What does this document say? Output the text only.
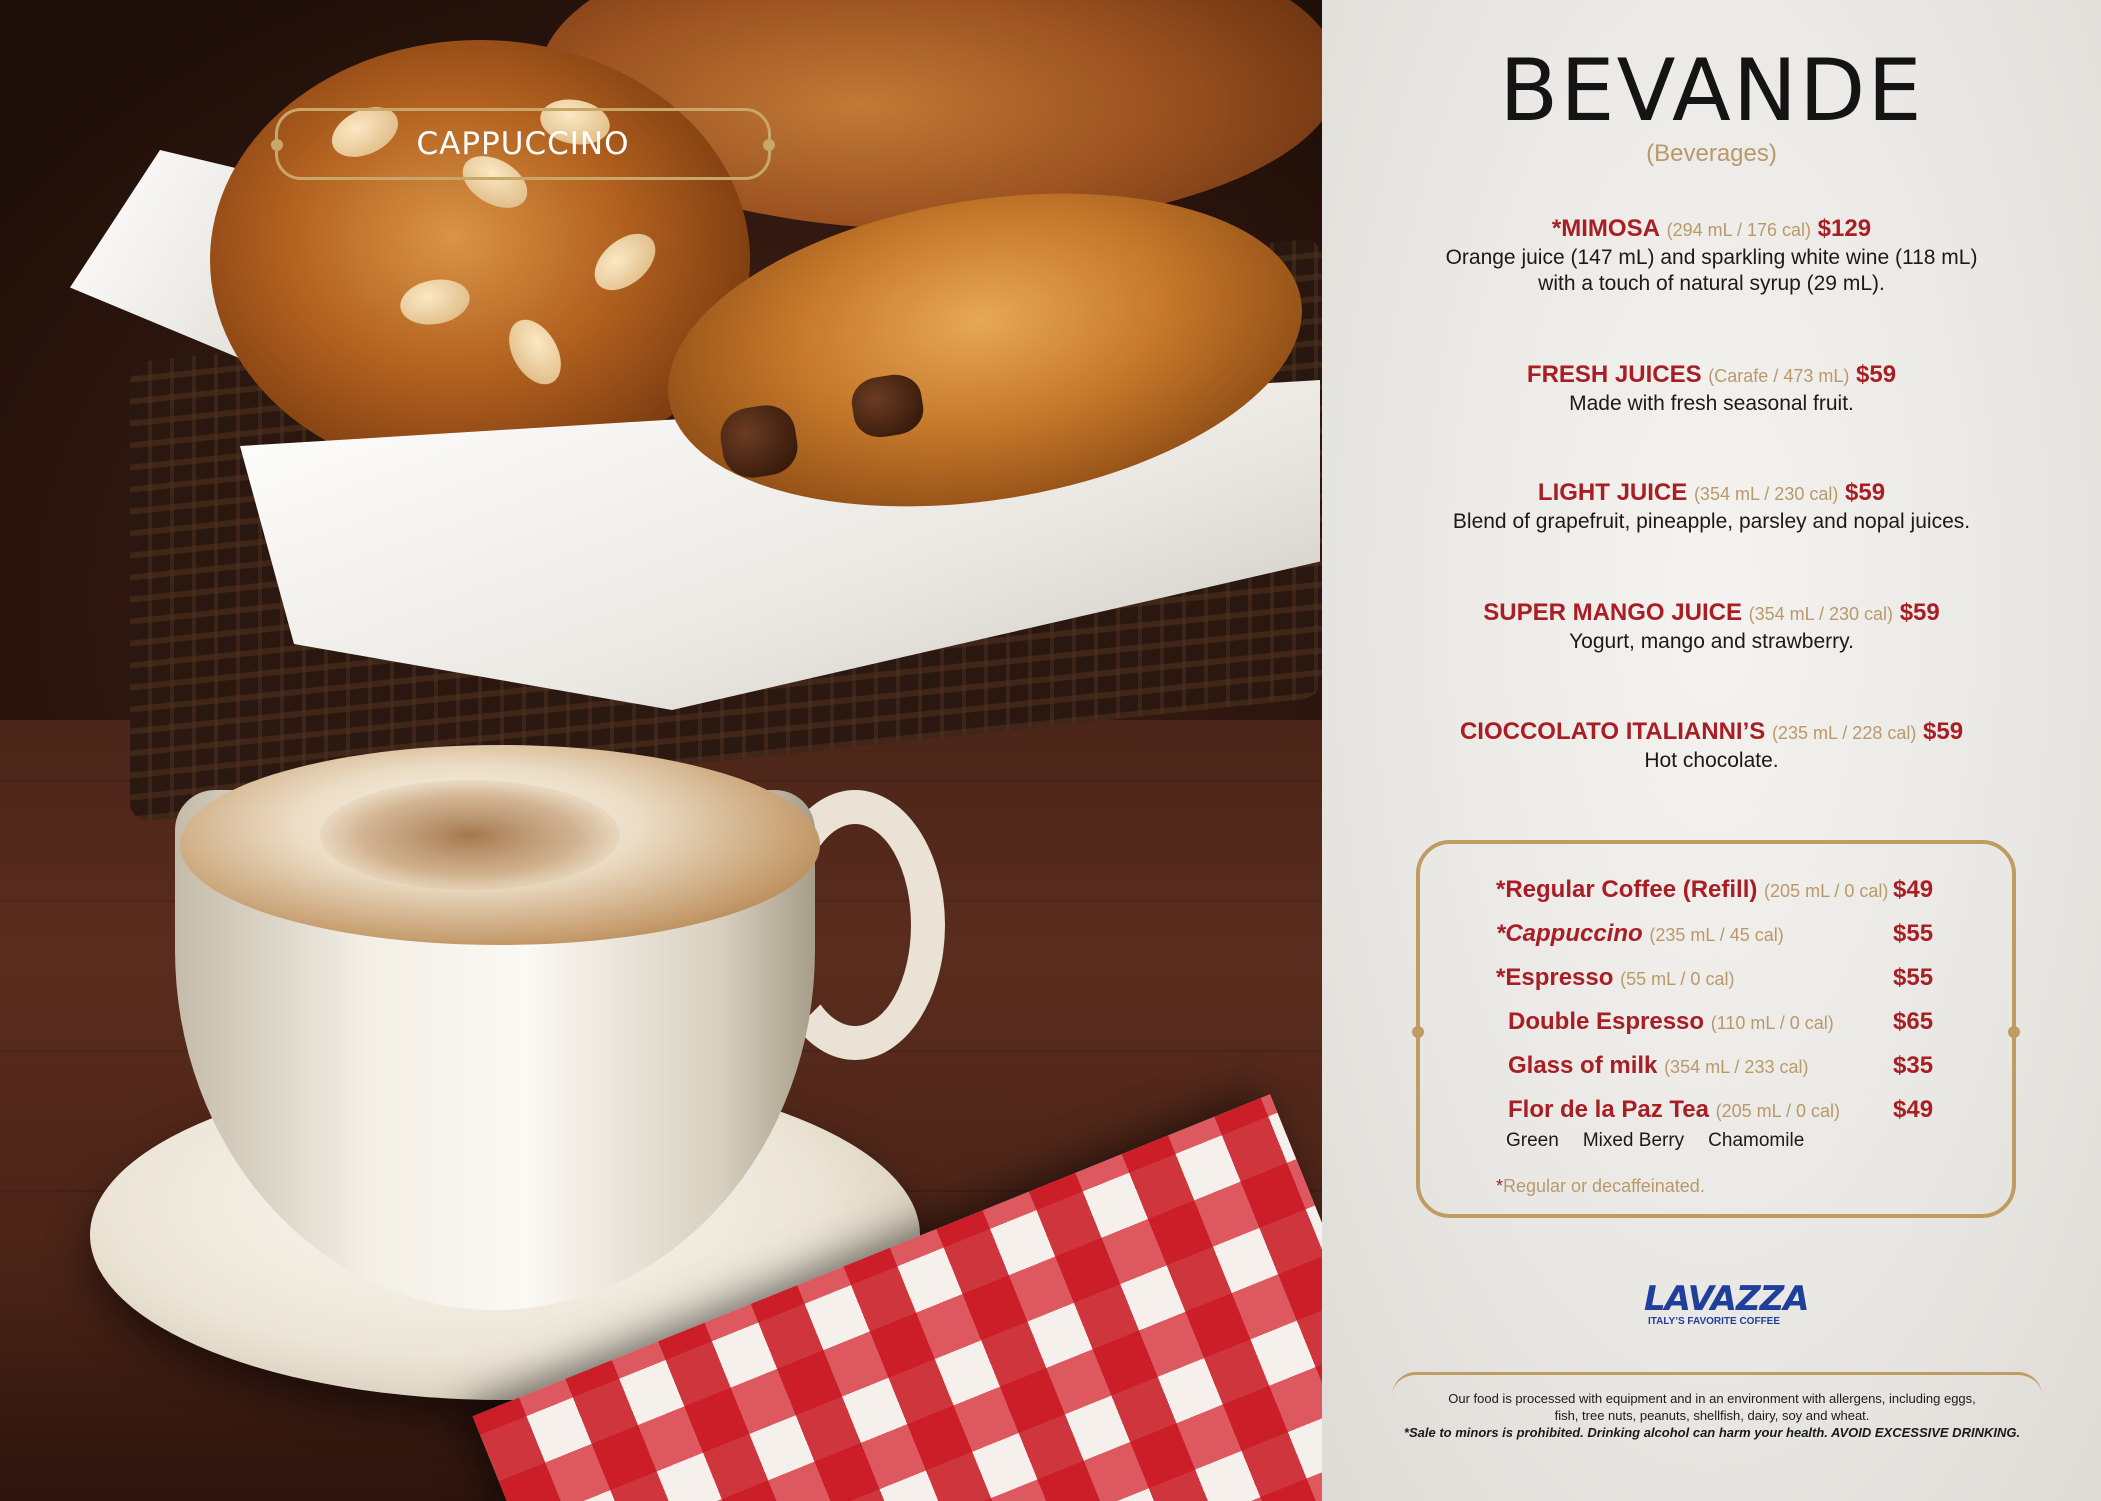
CAPPUCCINO
BEVANDE
(Beverages)
*MIMOSA (294 mL / 176 cal) $129
Orange juice (147 mL) and sparkling white wine (118 mL)
with a touch of natural syrup (29 mL).
FRESH JUICES (Carafe / 473 mL) $59
Made with fresh seasonal fruit.
LIGHT JUICE (354 mL / 230 cal) $59
Blend of grapefruit, pineapple, parsley and nopal juices.
SUPER MANGO JUICE (354 mL / 230 cal) $59
Yogurt, mango and strawberry.
CIOCCOLATO ITALIANNI’S (235 mL / 228 cal) $59
Hot chocolate.
*Regular Coffee (Refill) (205 mL / 0 cal) $49
*Cappuccino (235 mL / 45 cal)	$55
*Espresso (55 mL / 0 cal)	$55
Double Espresso (110 mL / 0 cal) $65
Glass of milk (354 mL / 233 cal)	$35
Flor de la Paz Tea (205 mL / 0 cal) $49
Green Mixed Berry Chamomile
*Regular or decaffeinated.
LAVAZZA
ITALY’S FAVORITE COFFEE
Our food is processed with equipment and in an environment with allergens, including eggs,
fish, tree nuts, peanuts, shellfish, dairy, soy and wheat.
*Sale to minors is prohibited. Drinking alcohol can harm your health. AVOID EXCESSIVE DRINKING.
